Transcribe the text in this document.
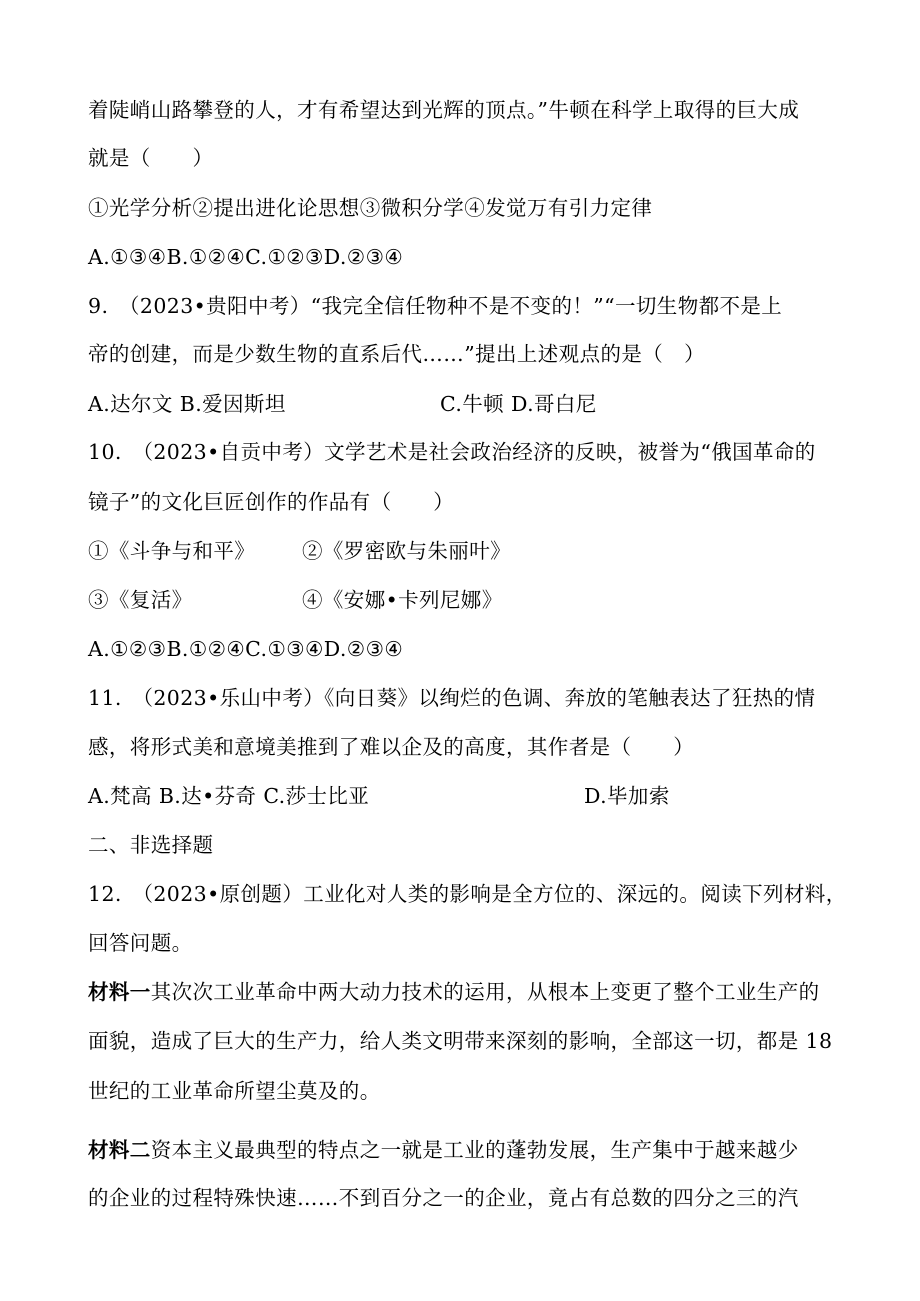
着陡峭山路攀登的人，才有希望达到光辉的顶点。”牛顿在科学上取得的巨大成
就是（　　）
①光学分析②提出进化论思想③微积分学④发觉万有引力定律
A.①③④B.①②④C.①②③D.②③④
9.　（2023•贵阳中考）“我完全信任物种不是不变的！”“一切生物都不是上
帝的创建，而是少数生物的直系后代……”提出上述观点的是（　）
A.达尔文 B.爱因斯坦	C.牛顿 D.哥白尼
10.　（2023•自贡中考）文学艺术是社会政治经济的反映，被誉为“俄国革命的
镜子”的文化巨匠创作的作品有（　　）
①《斗争与和平》 ②《罗密欧与朱丽叶》
③《复活》	④《安娜•卡列尼娜》
A.①②③B.①②④C.①③④D.②③④
11.　（2023•乐山中考）《向日葵》以绚烂的色调、奔放的笔触表达了狂热的情
感，将形式美和意境美推到了难以企及的高度，其作者是（　　）
A.梵高 B.达•芬奇 C.莎士比亚	D.毕加索
二、非选择题
12.　（2023•原创题）工业化对人类的影响是全方位的、深远的。阅读下列材料，
回答问题。
材料一其次次工业革命中两大动力技术的运用，从根本上变更了整个工业生产的
面貌，造成了巨大的生产力，给人类文明带来深刻的影响，全部这一切，都是 18
世纪的工业革命所望尘莫及的。
材料二资本主义最典型的特点之一就是工业的蓬勃发展，生产集中于越来越少
的企业的过程特殊快速……不到百分之一的企业，竟占有总数的四分之三的汽
